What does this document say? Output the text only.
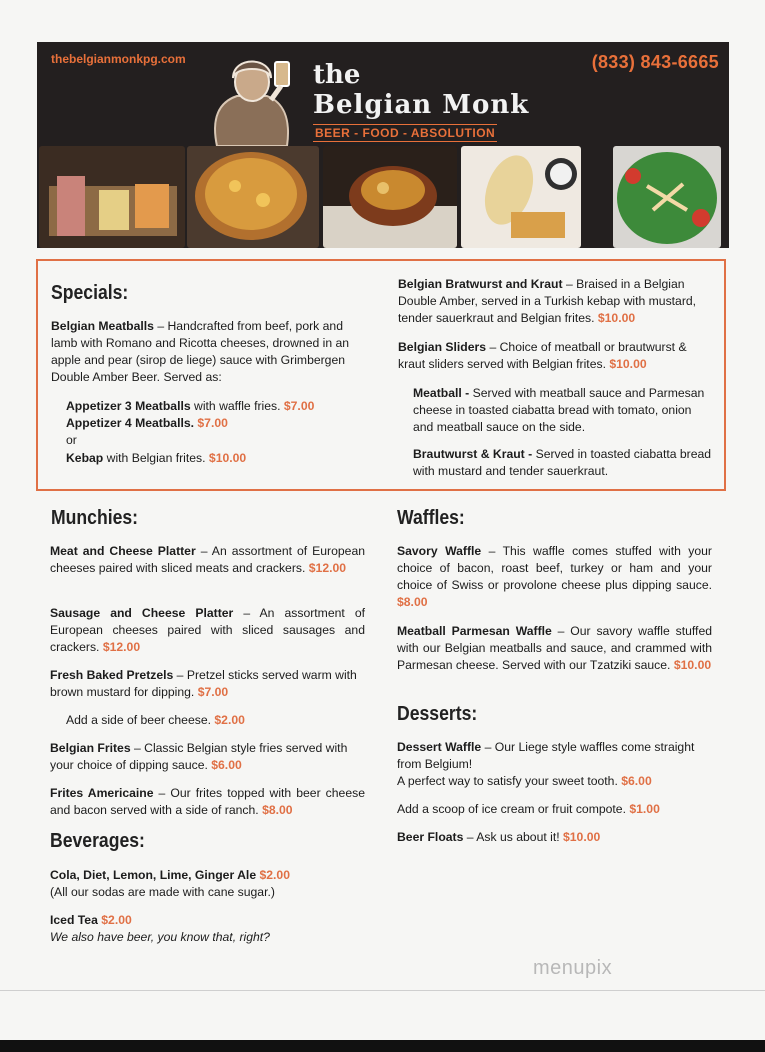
thebelgianmonkpg.com	(833) 843-6665
the
Belgian Monk
BEER - FOOD - ABSOLUTION
Specials:
Belgian Meatballs – Handcrafted from beef, pork and lamb with Romano and Ricotta cheeses, drowned in an apple and pear (sirop de liege) sauce with Grimbergen Double Amber Beer. Served as:
Appetizer 3 Meatballs with waffle fries. $7.00
Appetizer 4 Meatballs. $7.00
or
Kebap with Belgian frites. $10.00
Belgian Bratwurst and Kraut – Braised in a Belgian Double Amber, served in a Turkish kebap with mustard, tender sauerkraut and Belgian frites. $10.00
Belgian Sliders – Choice of meatball or brautwurst & kraut sliders served with Belgian frites. $10.00
Meatball - Served with meatball sauce and Parmesan cheese in toasted ciabatta bread with tomato, onion and meatball sauce on the side.
Brautwurst & Kraut - Served in toasted ciabatta bread with mustard and tender sauerkraut.
Munchies:
Meat and Cheese Platter – An assortment of European cheeses paired with sliced meats and crackers. $12.00
Sausage and Cheese Platter – An assortment of European cheeses paired with sliced sausages and crackers. $12.00
Fresh Baked Pretzels – Pretzel sticks served warm with brown mustard for dipping. $7.00
Add a side of beer cheese. $2.00
Belgian Frites – Classic Belgian style fries served with your choice of dipping sauce. $6.00
Frites Americaine – Our frites topped with beer cheese and bacon served with a side of ranch. $8.00
Beverages:
Cola, Diet, Lemon, Lime, Ginger Ale $2.00
(All our sodas are made with cane sugar.)
Iced Tea $2.00
We also have beer, you know that, right?
Waffles:
Savory Waffle – This waffle comes stuffed with your choice of bacon, roast beef, turkey or ham and your choice of Swiss or provolone cheese plus dipping sauce. $8.00
Meatball Parmesan Waffle – Our savory waffle stuffed with our Belgian meatballs and sauce, and crammed with Parmesan cheese. Served with our Tzatziki sauce. $10.00
Desserts:
Dessert Waffle – Our Liege style waffles come straight from Belgium!
A perfect way to satisfy your sweet tooth. $6.00
Add a scoop of ice cream or fruit compote. $1.00
Beer Floats – Ask us about it! $10.00
menupix
